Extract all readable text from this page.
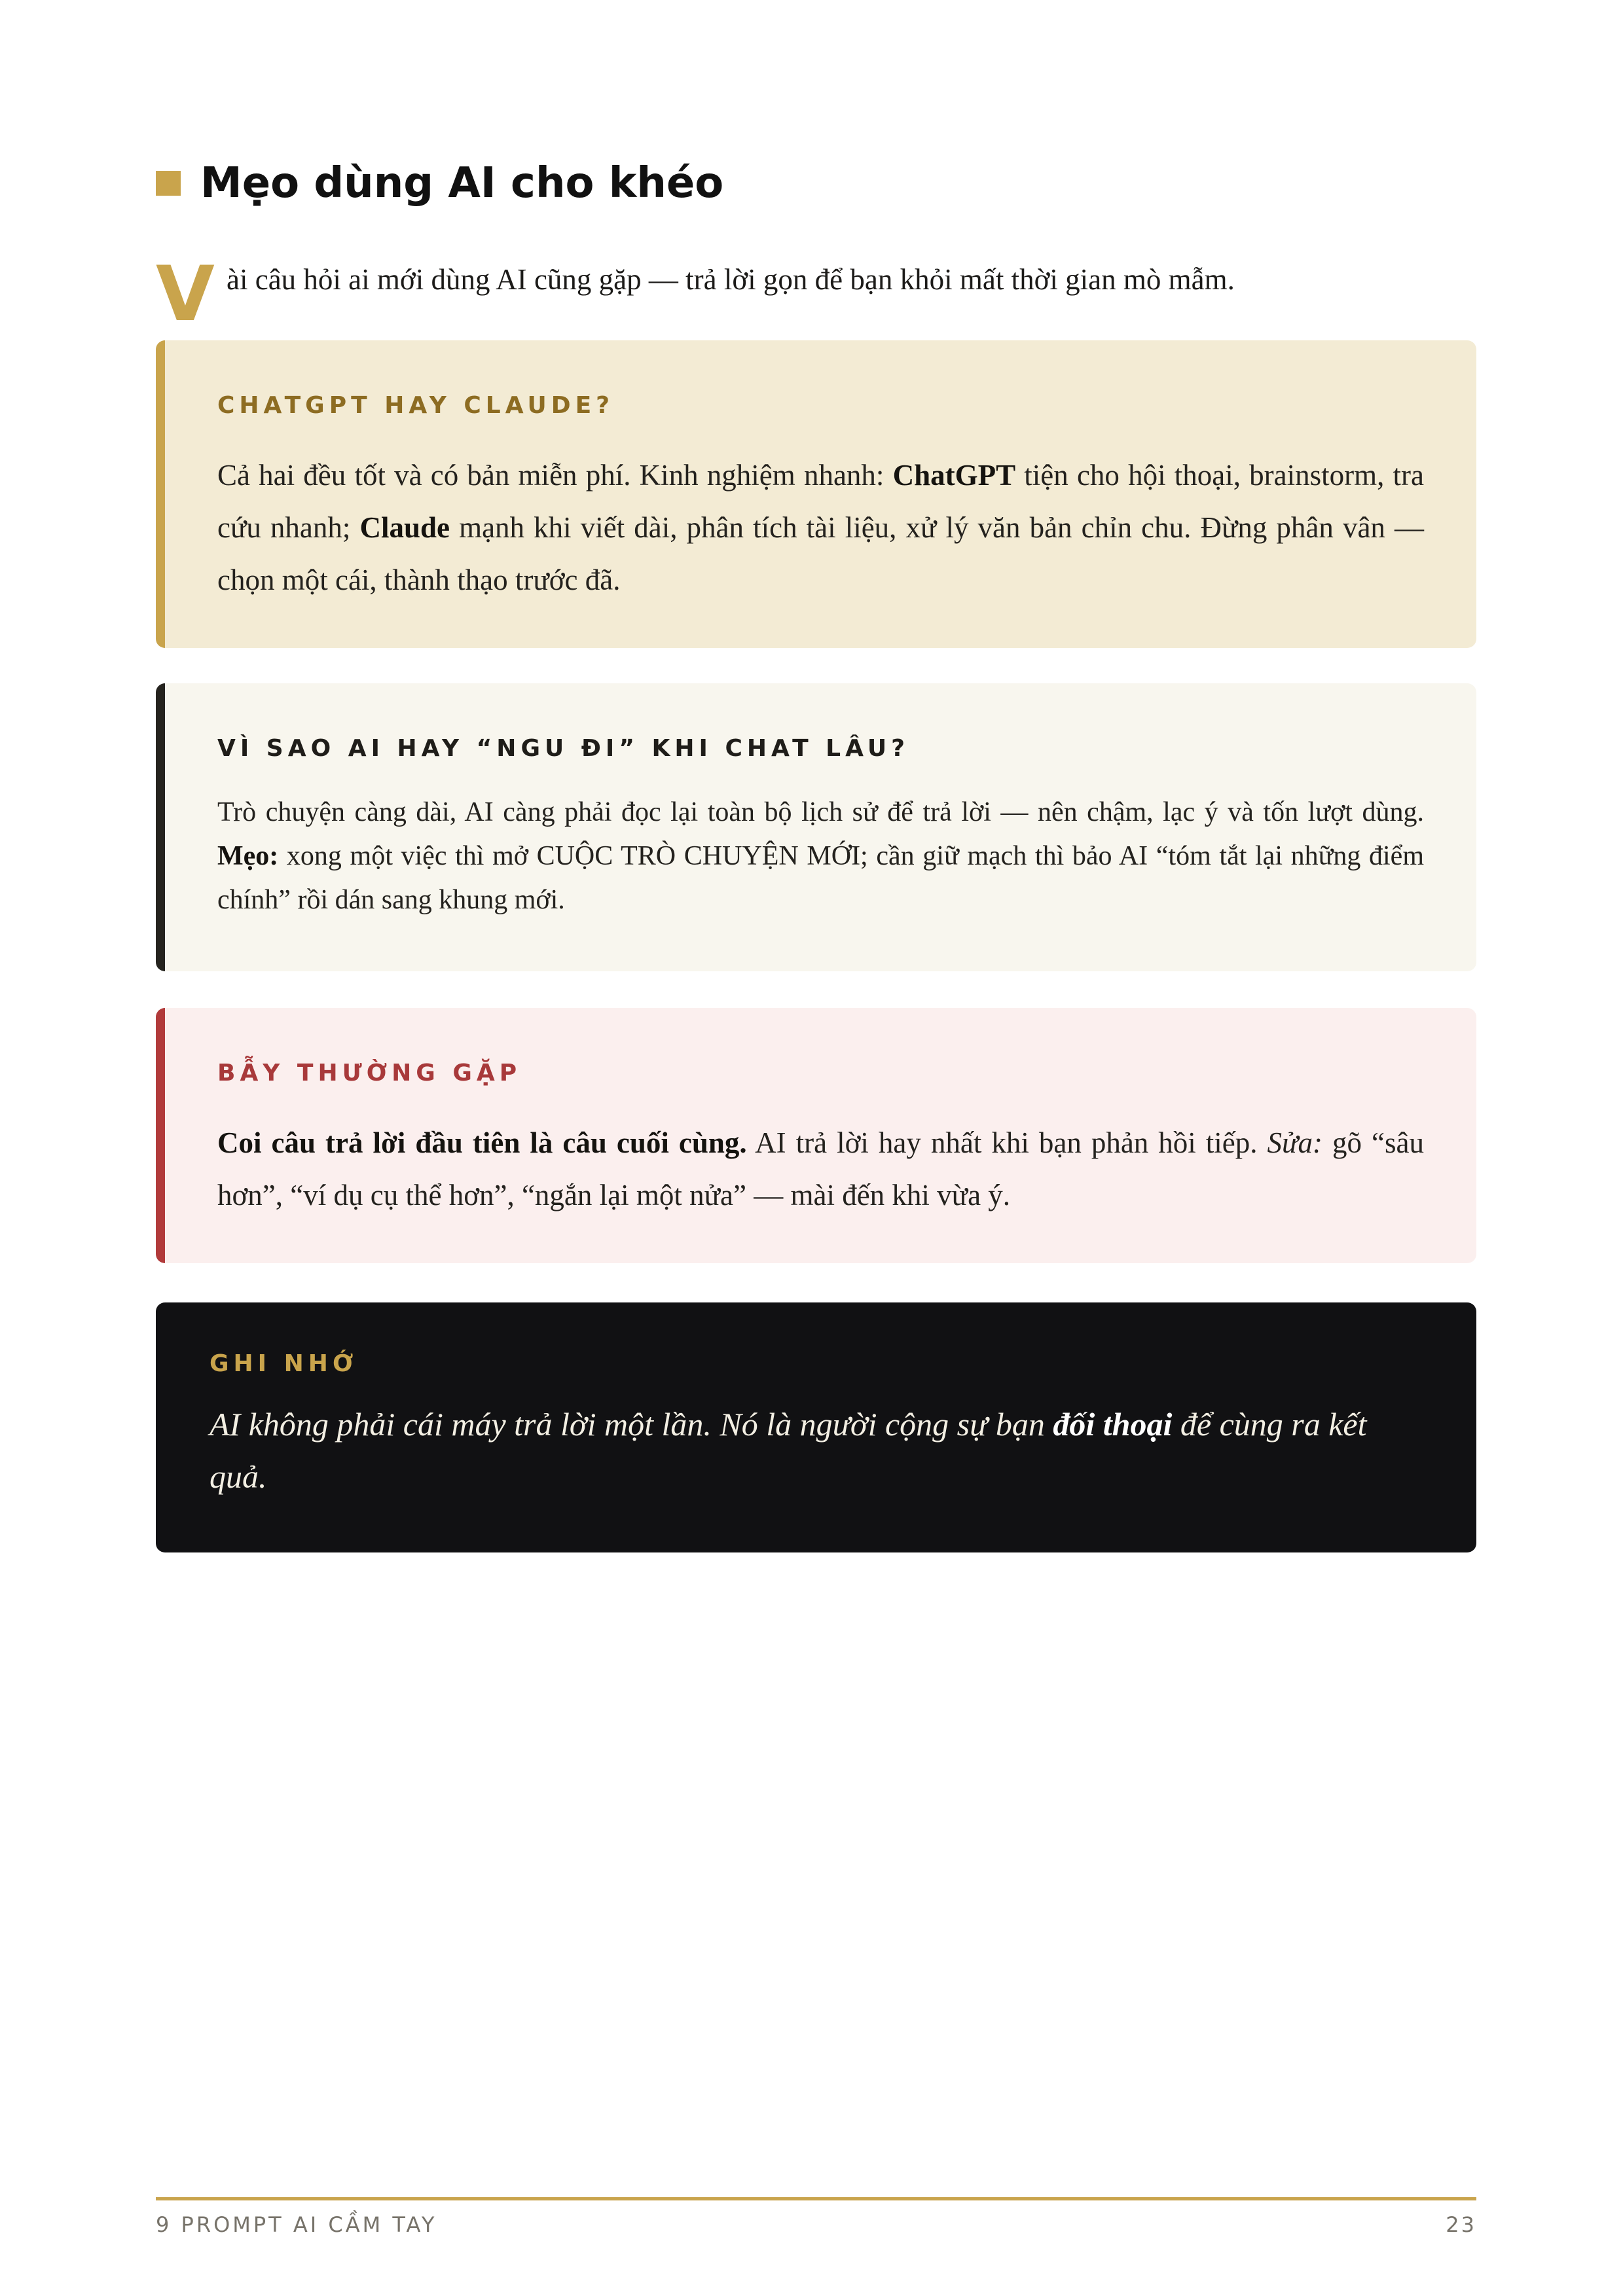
Mẹo dùng AI cho khéo
V ài câu hỏi ai mới dùng AI cũng gặp — trả lời gọn để bạn khỏi mất thời gian mò mẫm.
CHATGPT HAY CLAUDE?
Cả hai đều tốt và có bản miễn phí. Kinh nghiệm nhanh: ChatGPT tiện cho hội thoại, brainstorm, tra cứu nhanh; Claude mạnh khi viết dài, phân tích tài liệu, xử lý văn bản chỉn chu. Đừng phân vân — chọn một cái, thành thạo trước đã.
VÌ SAO AI HAY “NGU ĐI” KHI CHAT LÂU?
Trò chuyện càng dài, AI càng phải đọc lại toàn bộ lịch sử để trả lời — nên chậm, lạc ý và tốn lượt dùng. Mẹo: xong một việc thì mở CUỘC TRÒ CHUYỆN MỚI; cần giữ mạch thì bảo AI “tóm tắt lại những điểm chính” rồi dán sang khung mới.
BẪY THƯỜNG GẶP
Coi câu trả lời đầu tiên là câu cuối cùng. AI trả lời hay nhất khi bạn phản hồi tiếp. Sửa: gõ “sâu hơn”, “ví dụ cụ thể hơn”, “ngắn lại một nửa” — mài đến khi vừa ý.
GHI NHỚ
AI không phải cái máy trả lời một lần. Nó là người cộng sự bạn đối thoại để cùng ra kết quả.
9 PROMPT AI CẦM TAY	23
